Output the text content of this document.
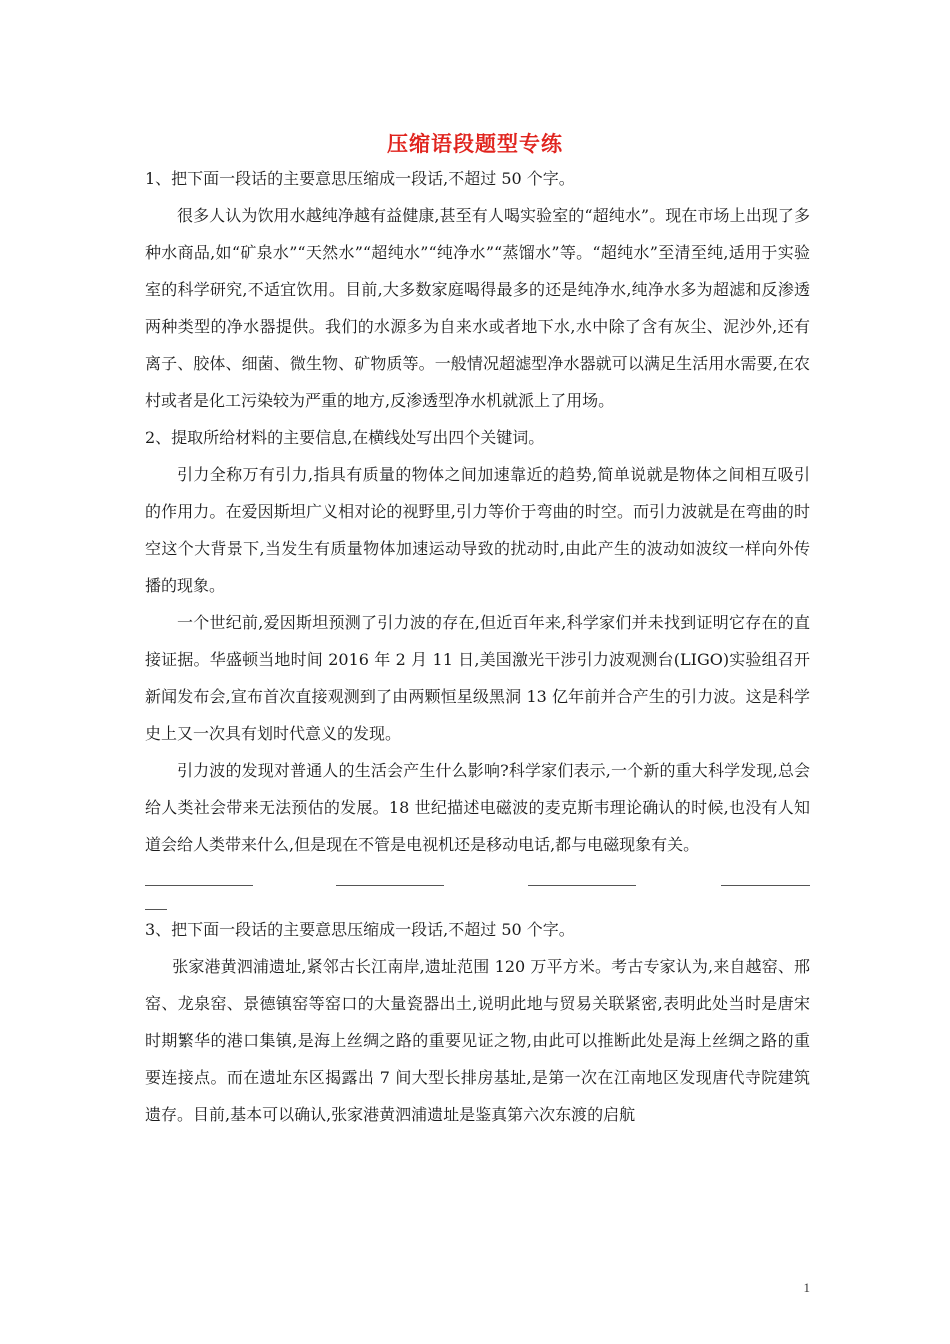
压缩语段题型专练

1、把下面一段话的主要意思压缩成一段话,不超过 50 个字。

很多人认为饮用水越纯净越有益健康,甚至有人喝实验室的“超纯水”。现在市场上出现了多种水商品,如“矿泉水”“天然水”“超纯水”“纯净水”“蒸馏水”等。“超纯水”至清至纯,适用于实验室的科学研究,不适宜饮用。目前,大多数家庭喝得最多的还是纯净水,纯净水多为超滤和反渗透两种类型的净水器提供。我们的水源多为自来水或者地下水,水中除了含有灰尘、泥沙外,还有离子、胶体、细菌、微生物、矿物质等。一般情况超滤型净水器就可以满足生活用水需要,在农村或者是化工污染较为严重的地方,反渗透型净水机就派上了用场。

2、提取所给材料的主要信息,在横线处写出四个关键词。

引力全称万有引力,指具有质量的物体之间加速靠近的趋势,简单说就是物体之间相互吸引的作用力。在爱因斯坦广义相对论的视野里,引力等价于弯曲的时空。而引力波就是在弯曲的时空这个大背景下,当发生有质量物体加速运动导致的扰动时,由此产生的波动如波纹一样向外传播的现象。

一个世纪前,爱因斯坦预测了引力波的存在,但近百年来,科学家们并未找到证明它存在的直接证据。华盛顿当地时间 2016 年 2 月 11 日,美国激光干涉引力波观测台(LIGO)实验组召开新闻发布会,宣布首次直接观测到了由两颗恒星级黑洞 13 亿年前并合产生的引力波。这是科学史上又一次具有划时代意义的发现。

引力波的发现对普通人的生活会产生什么影响?科学家们表示,一个新的重大科学发现,总会给人类社会带来无法预估的发展。18 世纪描述电磁波的麦克斯韦理论确认的时候,也没有人知道会给人类带来什么,但是现在不管是电视机还是移动电话,都与电磁现象有关。

3、把下面一段话的主要意思压缩成一段话,不超过 50 个字。

张家港黄泗浦遗址,紧邻古长江南岸,遗址范围 120 万平方米。考古专家认为,来自越窑、邢窑、龙泉窑、景德镇窑等窑口的大量瓷器出土,说明此地与贸易关联紧密,表明此处当时是唐宋时期繁华的港口集镇,是海上丝绸之路的重要见证之物,由此可以推断此处是海上丝绸之路的重要连接点。而在遗址东区揭露出 7 间大型长排房基址,是第一次在江南地区发现唐代寺院建筑遗存。目前,基本可以确认,张家港黄泗浦遗址是鉴真第六次东渡的启航

1
